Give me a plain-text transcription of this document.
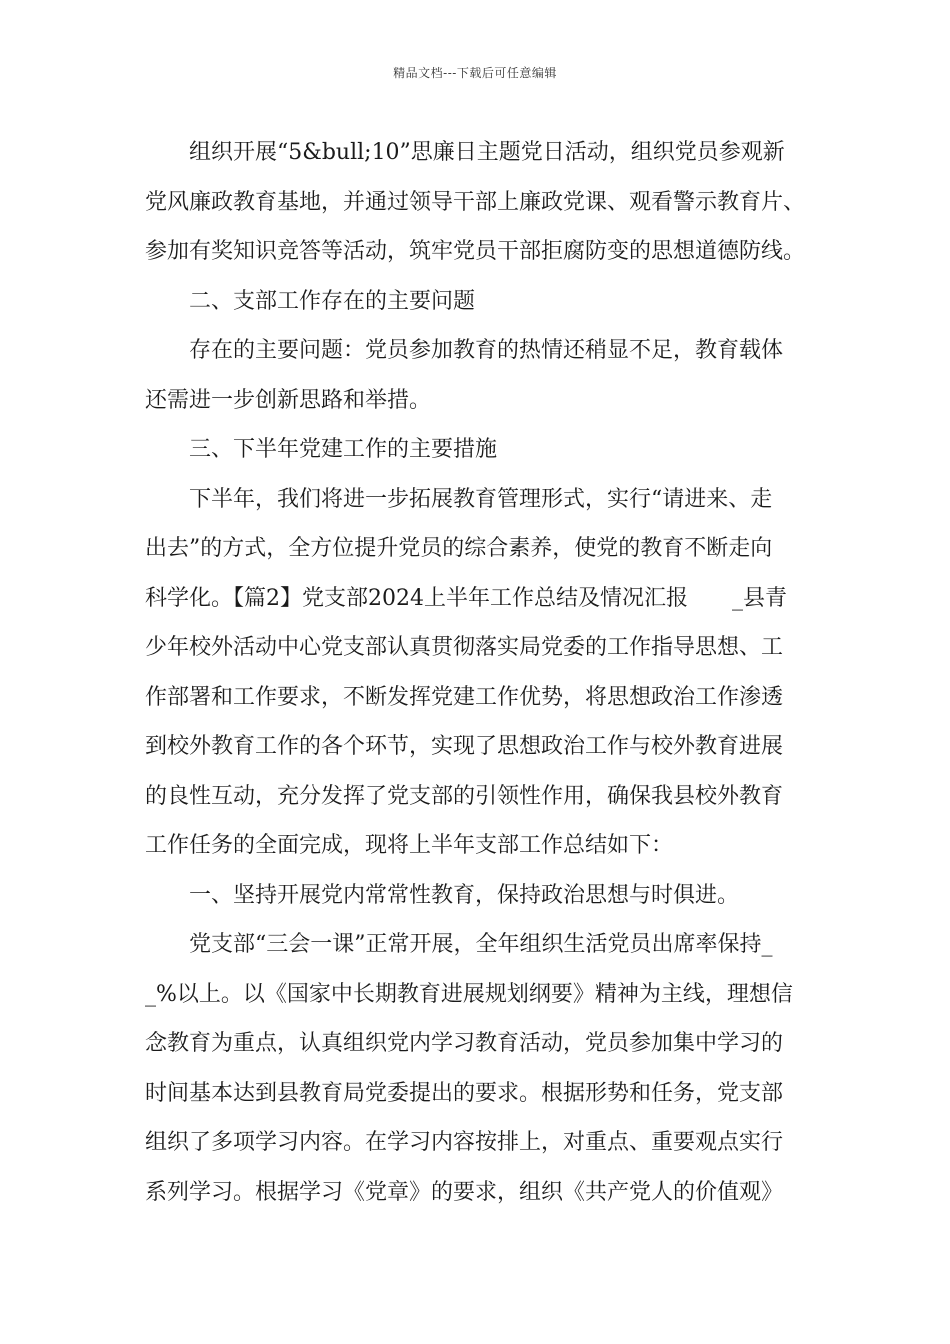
精品文档---下载后可任意编辑
组织开展“5&bull;10”思廉日主题党日活动，组织党员参观新
党风廉政教育基地，并通过领导干部上廉政党课、观看警示教育片、
参加有奖知识竞答等活动，筑牢党员干部拒腐防变的思想道德防线。
二、支部工作存在的主要问题
存在的主要问题：党员参加教育的热情还稍显不足，教育载体
还需进一步创新思路和举措。
三、下半年党建工作的主要措施
下半年，我们将进一步拓展教育管理形式，实行“请进来、走
出去”的方式，全方位提升党员的综合素养，使党的教育不断走向
科学化。【篇2】党支部2024上半年工作总结及情况汇报　　_县青
少年校外活动中心党支部认真贯彻落实局党委的工作指导思想、工
作部署和工作要求，不断发挥党建工作优势，将思想政治工作渗透
到校外教育工作的各个环节，实现了思想政治工作与校外教育进展
的良性互动，充分发挥了党支部的引领性作用，确保我县校外教育
工作任务的全面完成，现将上半年支部工作总结如下：
一、坚持开展党内常常性教育，保持政治思想与时俱进。
党支部“三会一课”正常开展，全年组织生活党员出席率保持_
_%以上。以《国家中长期教育进展规划纲要》精神为主线，理想信
念教育为重点，认真组织党内学习教育活动，党员参加集中学习的
时间基本达到县教育局党委提出的要求。根据形势和任务，党支部
组织了多项学习内容。在学习内容按排上，对重点、重要观点实行
系列学习。根据学习《党章》的要求，组织《共产党人的价值观》
